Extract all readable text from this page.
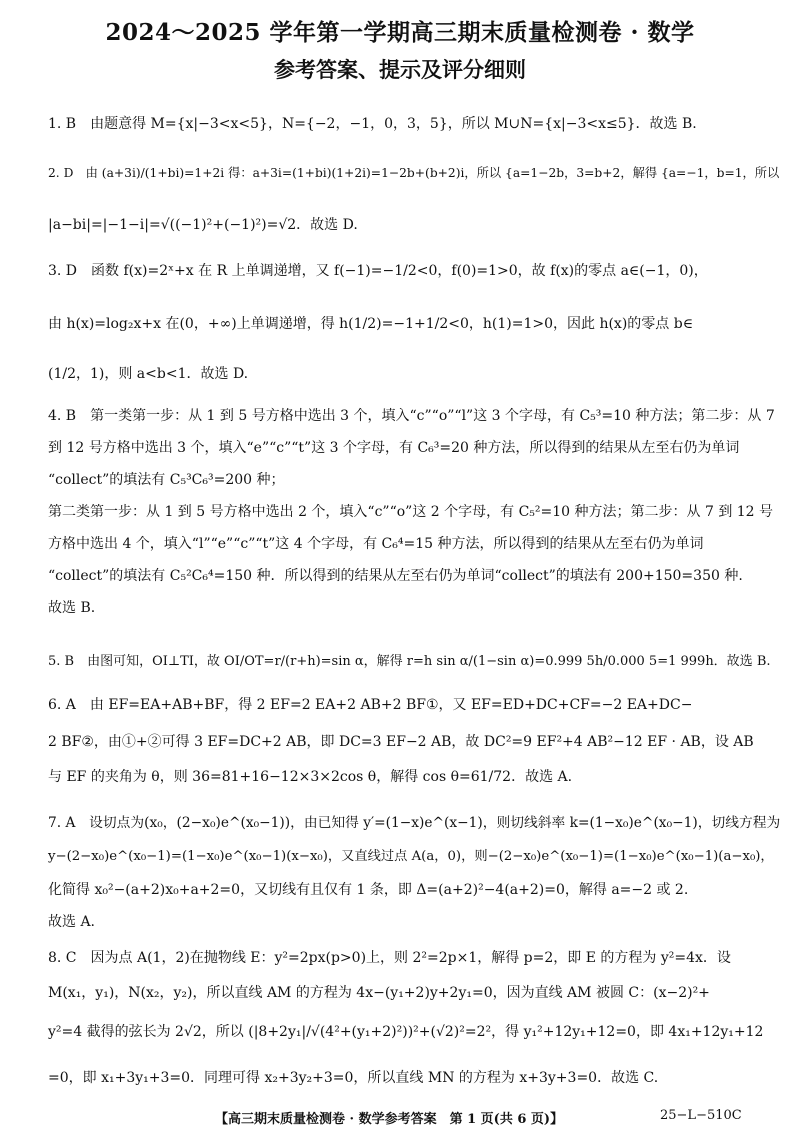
2024～2025 学年第一学期高三期末质量检测卷 · 数学
参考答案、提示及评分细则
1. B　由题意得 M={x|−3<x<5}，N={−2，−1，0，3，5}，所以 M∪N={x|−3<x≤5}．故选 B.
2. D　由 (a+3i)/(1+bi)=1+2i 得：a+3i=(1+bi)(1+2i)=1−2b+(b+2)i，所以 {a=1−2b，3=b+2，解得 {a=−1，b=1，所以
|a−bi|=|−1−i|=√((−1)²+(−1)²)=√2．故选 D.
3. D　函数 f(x)=2ˣ+x 在 R 上单调递增，又 f(−1)=−1/2<0，f(0)=1>0，故 f(x)的零点 a∈(−1，0)，
由 h(x)=log₂x+x 在(0，+∞)上单调递增，得 h(1/2)=−1+1/2<0，h(1)=1>0，因此 h(x)的零点 b∈
(1/2，1)，则 a<b<1．故选 D.
4. B　第一类第一步：从 1 到 5 号方格中选出 3 个，填入“c”“o”“l”这 3 个字母，有 C₅³=10 种方法；第二步：从 7
到 12 号方格中选出 3 个，填入“e”“c”“t”这 3 个字母，有 C₆³=20 种方法，所以得到的结果从左至右仍为单词
“collect”的填法有 C₅³C₆³=200 种；
第二类第一步：从 1 到 5 号方格中选出 2 个，填入“c”“o”这 2 个字母，有 C₅²=10 种方法；第二步：从 7 到 12 号
方格中选出 4 个，填入“l”“e”“c”“t”这 4 个字母，有 C₆⁴=15 种方法，所以得到的结果从左至右仍为单词
“collect”的填法有 C₅²C₆⁴=150 种．所以得到的结果从左至右仍为单词“collect”的填法有 200+150=350 种.
故选 B.
5. B　由图可知，OI⊥TI，故 OI/OT=r/(r+h)=sin α，解得 r=h sin α/(1−sin α)=0.999 5h/0.000 5=1 999h．故选 B.
6. A　由 EF=EA+AB+BF，得 2 EF=2 EA+2 AB+2 BF①，又 EF=ED+DC+CF=−2 EA+DC−
2 BF②，由①+②可得 3 EF=DC+2 AB，即 DC=3 EF−2 AB，故 DC²=9 EF²+4 AB²−12 EF · AB，设 AB
与 EF 的夹角为 θ，则 36=81+16−12×3×2cos θ，解得 cos θ=61/72．故选 A.
7. A　设切点为(x₀，(2−x₀)e^(x₀−1))，由已知得 y′=(1−x)e^(x−1)，则切线斜率 k=(1−x₀)e^(x₀−1)，切线方程为
y−(2−x₀)e^(x₀−1)=(1−x₀)e^(x₀−1)(x−x₀)，又直线过点 A(a，0)，则−(2−x₀)e^(x₀−1)=(1−x₀)e^(x₀−1)(a−x₀)，
化简得 x₀²−(a+2)x₀+a+2=0，又切线有且仅有 1 条，即 Δ=(a+2)²−4(a+2)=0，解得 a=−2 或 2.
故选 A.
8. C　因为点 A(1，2)在抛物线 E：y²=2px(p>0)上，则 2²=2p×1，解得 p=2，即 E 的方程为 y²=4x．设
M(x₁，y₁)，N(x₂，y₂)，所以直线 AM 的方程为 4x−(y₁+2)y+2y₁=0，因为直线 AM 被圆 C：(x−2)²+
y²=4 截得的弦长为 2√2，所以 (|8+2y₁|/√(4²+(y₁+2)²))²+(√2)²=2²，得 y₁²+12y₁+12=0，即 4x₁+12y₁+12
=0，即 x₁+3y₁+3=0．同理可得 x₂+3y₂+3=0，所以直线 MN 的方程为 x+3y+3=0．故选 C.
【高三期末质量检测卷 · 数学参考答案　第 1 页(共 6 页)】	25−L−510C
